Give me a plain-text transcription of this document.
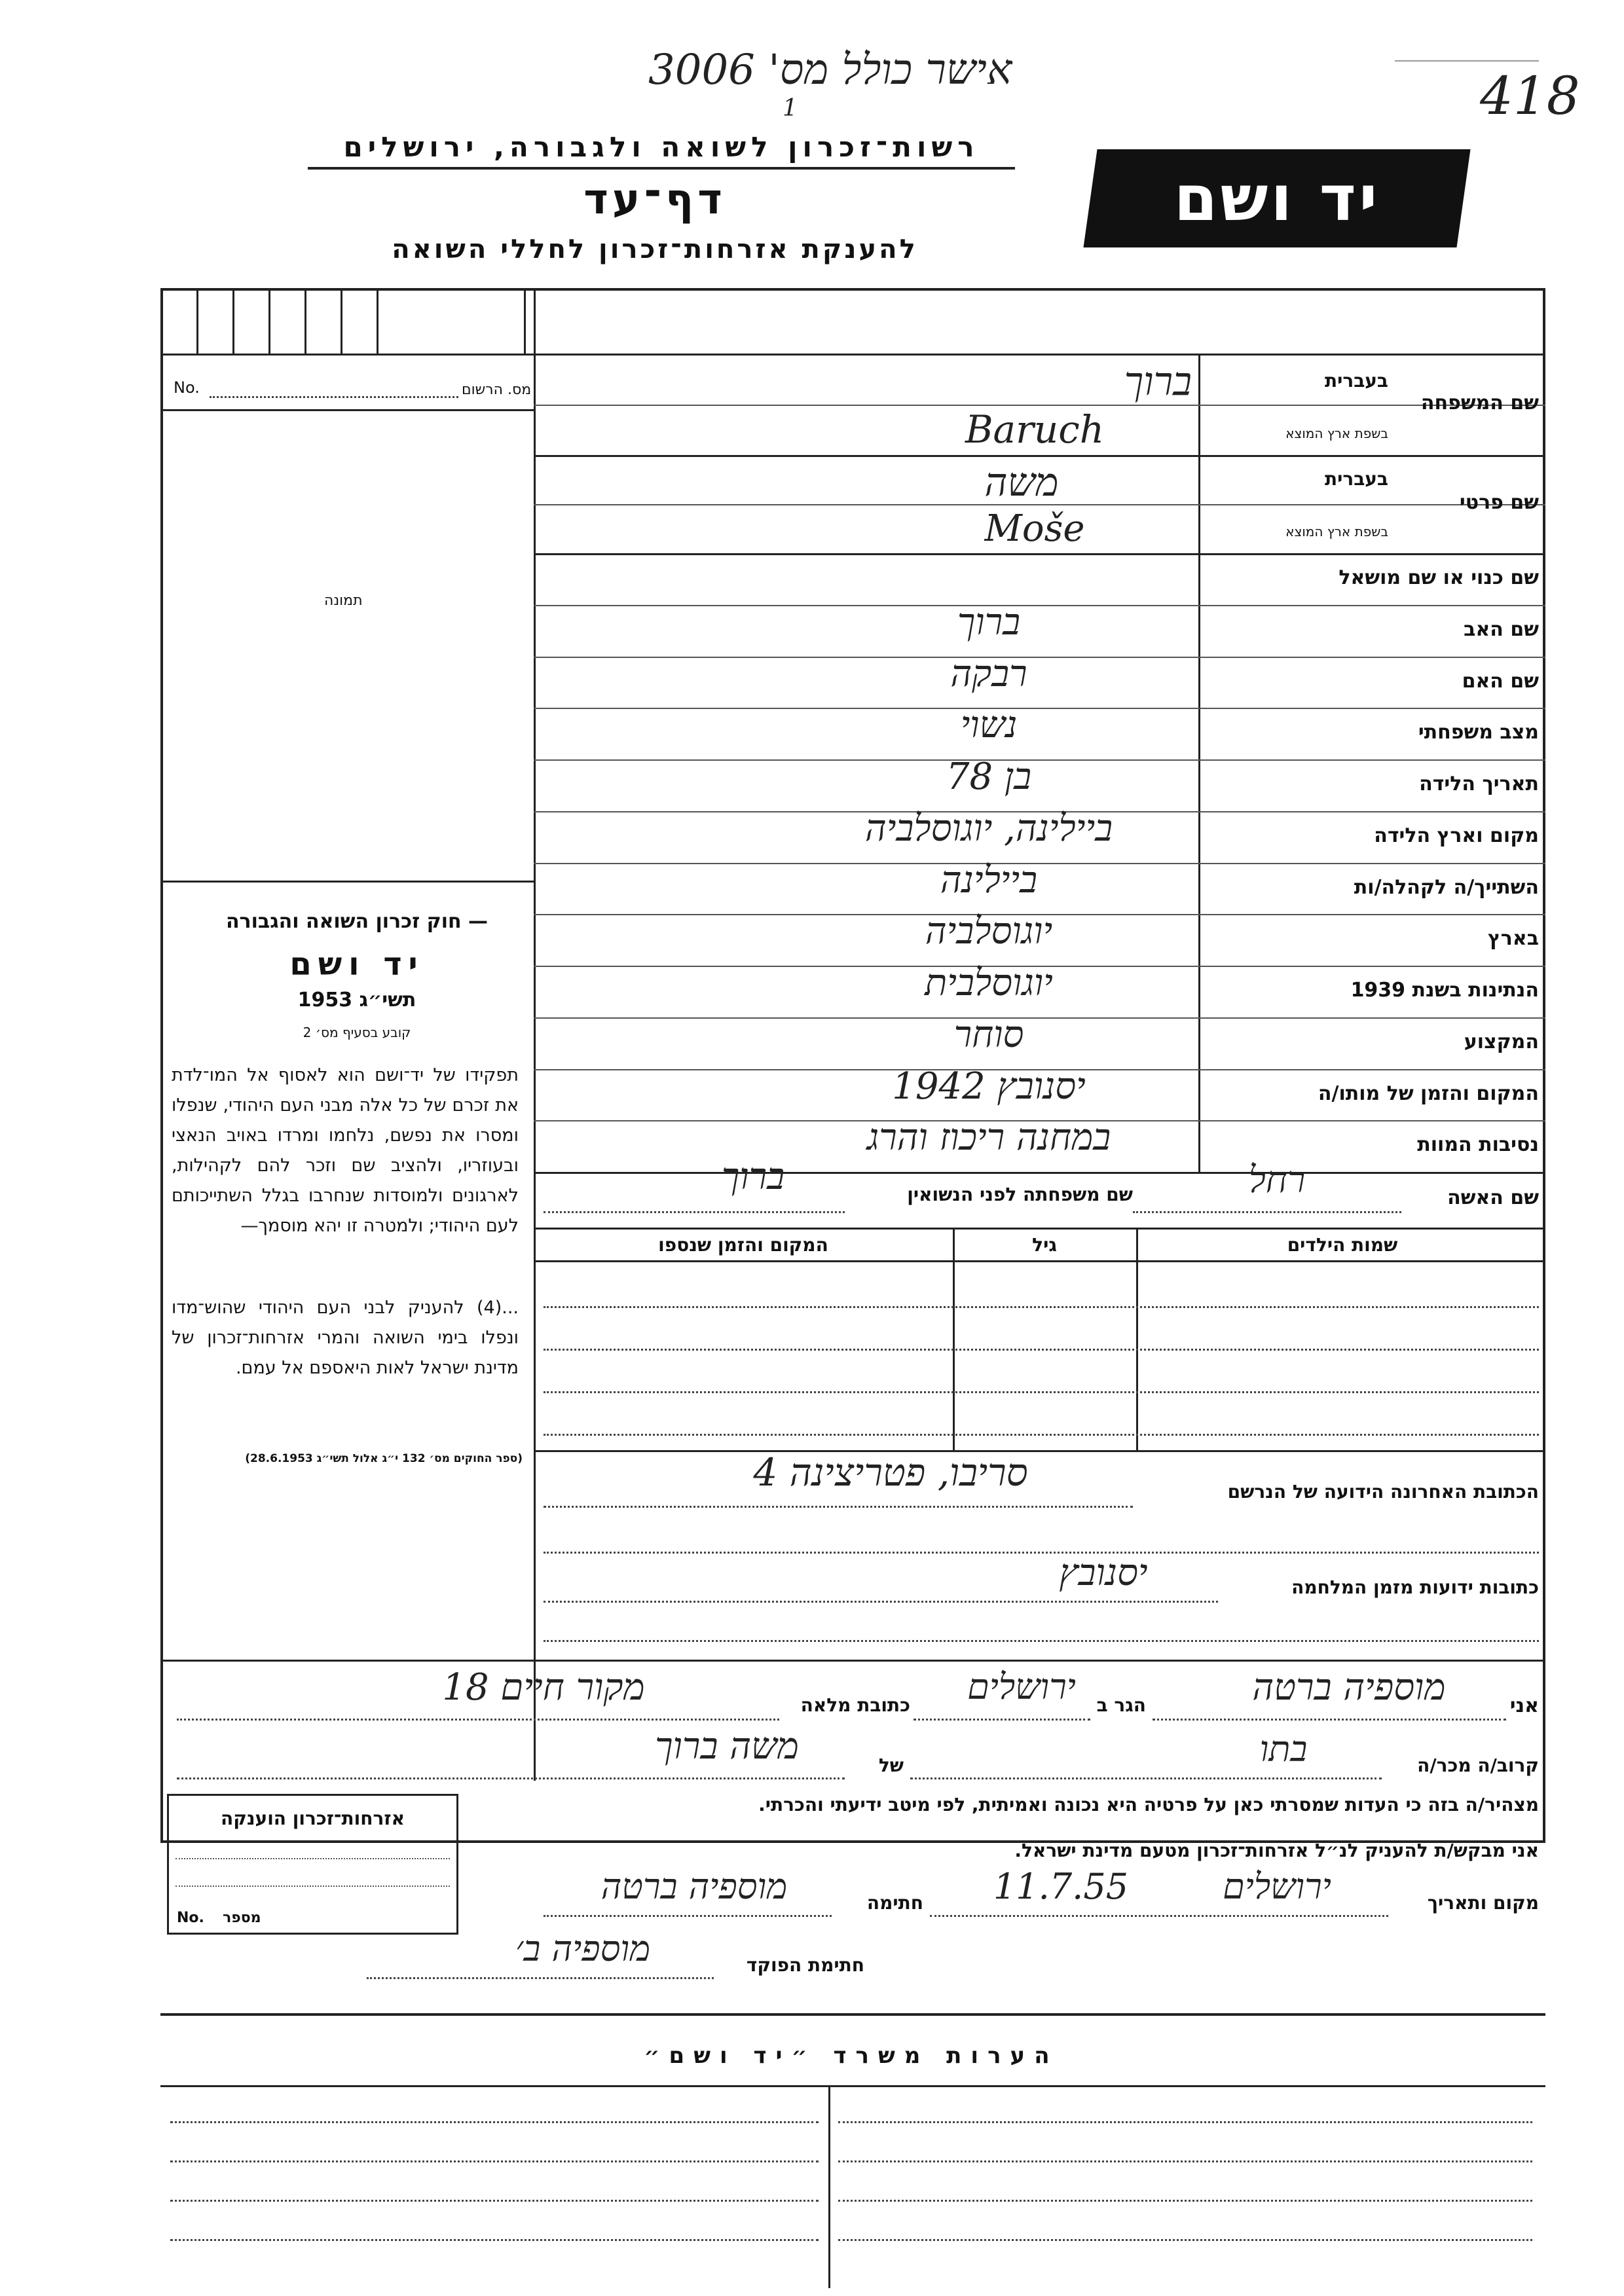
אישר כולל מס' 3006
1	418
רשות־זכרון לשואה ולגבורה, ירושלים
דף־עד
להענקת אזרחות־זכרון לחללי השואה
יד ושם
מס. הרשום
No.
תמונה
— חוק זכרון השואה והגבורה
יד ושם
תשי״ג 1953
קובע בסעיף מס׳ 2
תפקידו של יד־ושם הוא לאסוף אל המו־לדת את זכרם של כל אלה מבני העם היהודי, שנפלו ומסרו את נפשם, נלחמו ומרדו באויב הנאצי ובעוזריו, ולהציב שם וזכר להם לקהילות, לארגונים ולמוסדות שנחרבו בגלל השתייכותם לעם היהודי; ולמטרה זו יהא מוסמך—
...(4) להעניק לבני העם היהודי שהוש־מדו ונפלו בימי השואה והמרי אזרחות־זכרון של מדינת ישראל לאות היאספם אל עמם.
(ספר החוקים מס׳ 132 י״ג אלול תשי״ג 28.6.1953)
שם המשפחה
בעברית
בשפת ארץ המוצא
ברוך
Baruch
שם פרטי
בעברית
בשפת ארץ המוצא
משה
Moše
שם כנוי או שם מושאל
שם האב
ברוך
שם האם
רבקה
מצב משפחתי
נשוי
תאריך הלידה
בן 78
מקום וארץ הלידה
ביילינה, יוגוסלביה
השתייך/ה לקהלה/ות
ביילינה
בארץ
יוגוסלביה
הנתינות בשנת 1939
יוגוסלבית
המקצוע
סוחר
המקום והזמן של מותו/ה
יסנובץ 1942
נסיבות המוות
במחנה ריכוז והרג
שם האשה
רחל
שם משפחתה לפני הנשואין
ברוך
שמות הילדים
גיל
המקום והזמן שנספו
הכתובת האחרונה הידועה של הנרשם
סריבו, פטריצינה 4
כתובות ידועות מזמן המלחמה
יסנובץ
אני
מוספיה ברטה
הגר ב
ירושלים
כתובת מלאה
מקור חיים 18
קרוב/ה מכר/ה
בתו
של
משה ברוך
מצהיר/ה בזה כי העדות שמסרתי כאן על פרטיה היא נכונה ואמיתית, לפי מיטב ידיעתי והכרתי.
אני מבקש/ת להעניק לנ״ל אזרחות־זכרון מטעם מדינת ישראל.
מקום ותאריך
ירושלים
11.7.55
חתימה
מוספיה ברטה
חתימת הפוקד
מוספיה ב׳
אזרחות־זכרון הוענקה
No. מספר
הערות משרד ״יד ושם״
